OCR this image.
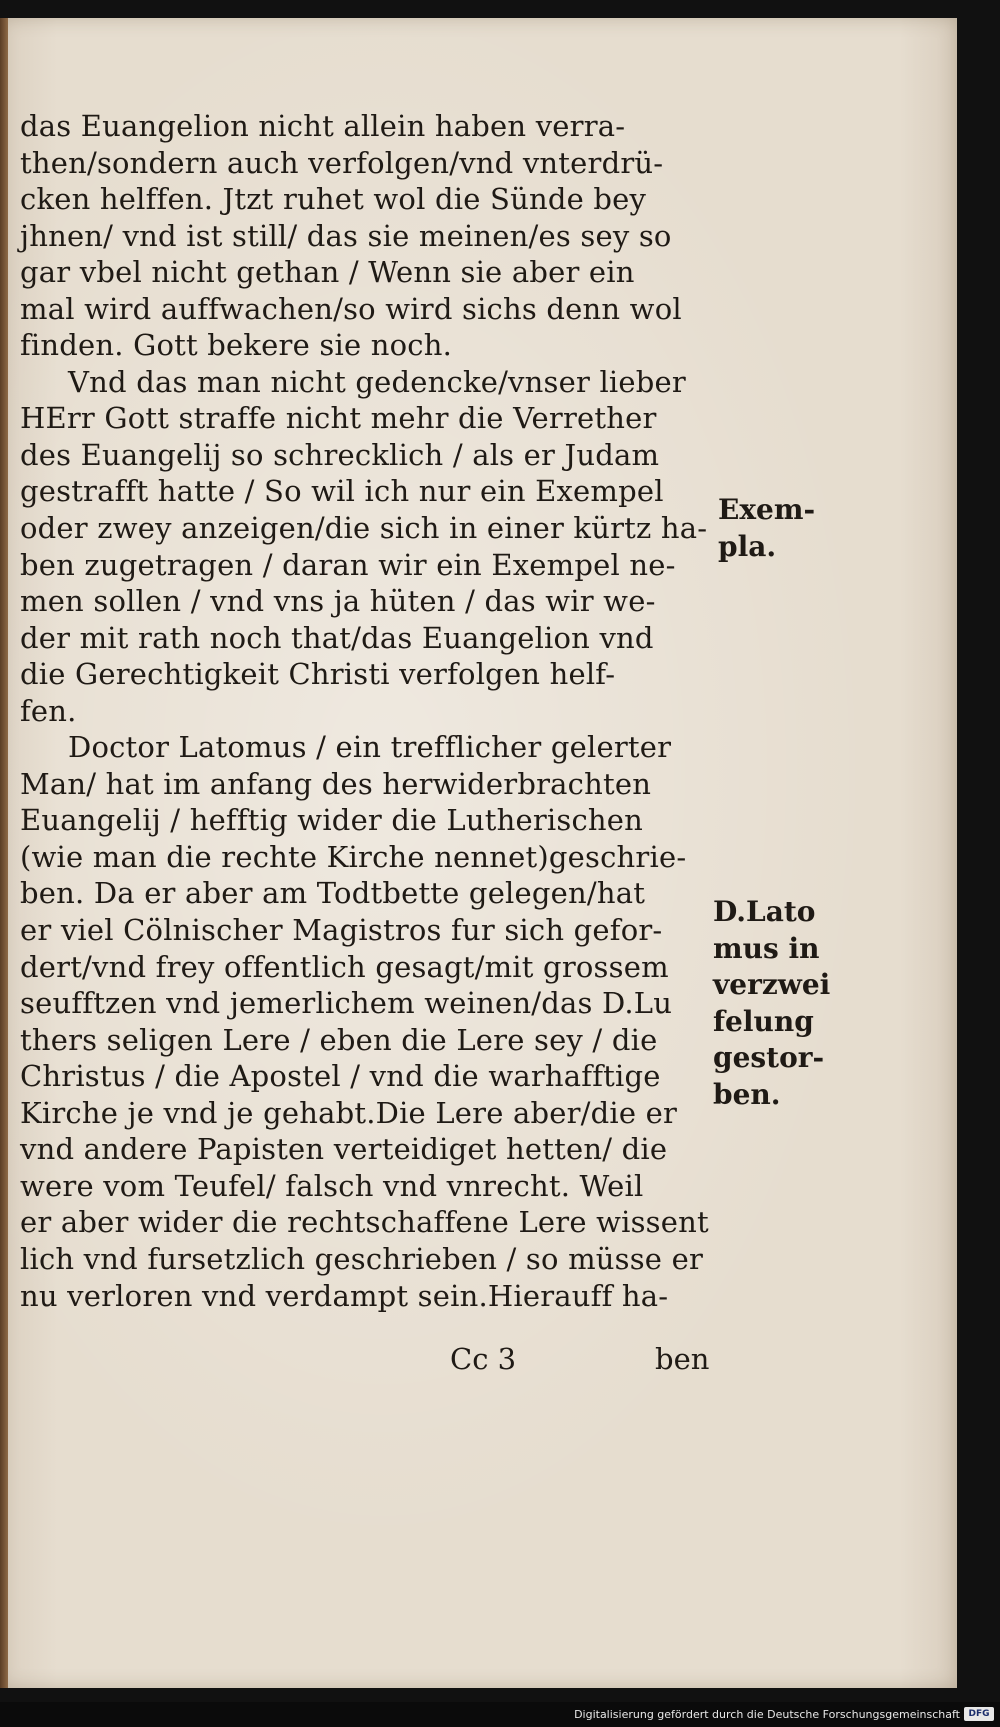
das Euangelion nicht allein haben verra-
then/sondern auch verfolgen/vnd vnterdrü-
cken helffen. Jtzt ruhet wol die Sünde bey
jhnen/ vnd ist still/ das sie meinen/es sey so
gar vbel nicht gethan / Wenn sie aber ein
mal wird auffwachen/so wird sichs denn wol
finden. Gott bekere sie noch.
Vnd das man nicht gedencke/vnser lieber
HErr Gott straffe nicht mehr die Verrether
des Euangelij so schrecklich / als er Judam
gestrafft hatte / So wil ich nur ein Exempel
oder zwey anzeigen/die sich in einer kürtz ha-
ben zugetragen / daran wir ein Exempel ne-
men sollen / vnd vns ja hüten / das wir we-
der mit rath noch that/das Euangelion vnd
die Gerechtigkeit Christi verfolgen helf-
fen.
Doctor Latomus / ein trefflicher gelerter
Man/ hat im anfang des herwiderbrachten
Euangelij / hefftig wider die Lutherischen
(wie man die rechte Kirche nennet)geschrie-
ben. Da er aber am Todtbette gelegen/hat
er viel Cölnischer Magistros fur sich gefor-
dert/vnd frey offentlich gesagt/mit grossem
seufftzen vnd jemerlichem weinen/das D.Lu
thers seligen Lere / eben die Lere sey / die
Christus / die Apostel / vnd die warhafftige
Kirche je vnd je gehabt.Die Lere aber/die er
vnd andere Papisten verteidiget hetten/ die
were vom Teufel/ falsch vnd vnrecht. Weil
er aber wider die rechtschaffene Lere wissent
lich vnd fursetzlich geschrieben / so müsse er
nu verloren vnd verdampt sein.Hierauff ha-
Exem-
pla.
D.Lato
mus in
verzwei
felung
gestor-
ben.
Cc 3	ben
Digitalisierung gefördert durch die Deutsche Forschungsgemeinschaft DFG
